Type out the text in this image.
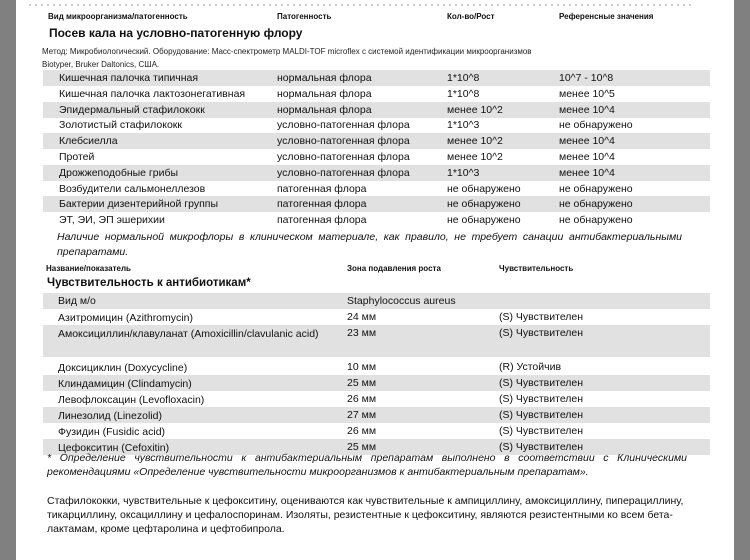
Вид микроорганизма/патогенность	Патогенность	Кол-во/Рост	Референсные значения
Посев кала на условно-патогенную флору
Метод: Микробиологический. Оборудование: Масс-спектрометр MALDI-TOF microflex с системой идентификации микроорганизмов
Biotyper, Bruker Daltonics, США.
Кишечная палочка типичная	нормальная флора	1*10^8	10^7 - 10^8
Кишечная палочка лактозонегативная	нормальная флора	1*10^8	менее 10^5
Эпидермальный стафилококк	нормальная флора	менее 10^2	менее 10^4
Золотистый стафилококк	условно-патогенная флора	1*10^3	не обнаружено
Клебсиелла	условно-патогенная флора	менее 10^2	менее 10^4
Протей	условно-патогенная флора	менее 10^2	менее 10^4
Дрожжеподобные грибы	условно-патогенная флора	1*10^3	менее 10^4
Возбудители сальмонеллезов	патогенная флора	не обнаружено	не обнаружено
Бактерии дизентерийной группы	патогенная флора	не обнаружено	не обнаружено
ЭТ, ЭИ, ЭП эшерихии	патогенная флора	не обнаружено	не обнаружено
Наличие нормальной микрофлоры в клиническом материале, как правило, не требует санации антибактериальными препаратами.
Название/показатель	Зона подавления роста	Чувствительность
Чувствительность к антибиотикам*
Вид м/о	Staphylococcus aureus
Азитромицин (Azithromycin)	24 мм	(S) Чувствителен
Амоксициллин/клавуланат (Amoxicillin/clavulanic acid)	23 мм	(S) Чувствителен
Доксициклин (Doxycycline)	10 мм	(R) Устойчив
Клиндамицин (Clindamycin)	25 мм	(S) Чувствителен
Левофлоксацин (Levofloxacin)	26 мм	(S) Чувствителен
Линезолид (Linezolid)	27 мм	(S) Чувствителен
Фузидин (Fusidic acid)	26 мм	(S) Чувствителен
Цефокситин (Cefoxitin)	25 мм	(S) Чувствителен
* Определение чувствительности к антибактериальным препаратам выполнено в соответствии с Клиническими рекомендациями «Определение чувствительности микроорганизмов к антибактериальным препаратам».
Стафилококки, чувствительные к цефокситину, оцениваются как чувствительные к ампициллину, амоксициллину, пиперациллину, тикарциллину, оксациллину и цефалоспоринам. Изоляты, резистентные к цефокситину, являются резистентными ко всем бета-лактамам, кроме цефтаролина и цефтобипрола.
